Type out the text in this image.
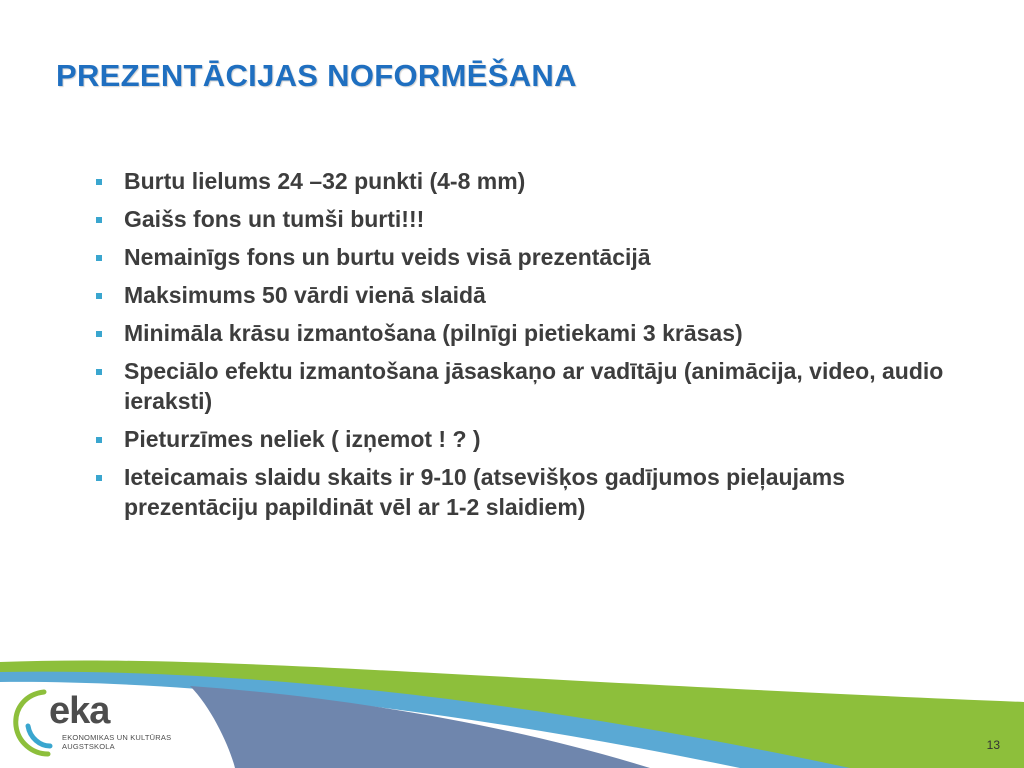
PREZENTĀCIJAS NOFORMĒŠANA
Burtu lielums 24 –32 punkti (4-8 mm)
Gaišs fons un tumši burti!!!
Nemainīgs fons un burtu veids visā prezentācijā
Maksimums 50 vārdi vienā slaidā
Minimāla krāsu izmantošana (pilnīgi pietiekami 3 krāsas)
Speciālo efektu izmantošana jāsaskaņo ar vadītāju (animācija, video, audio ieraksti)
Pieturzīmes neliek ( izņemot ! ? )
Ieteicamais slaidu skaits ir 9-10 (atsevišķos gadījumos pieļaujams prezentāciju papildināt vēl ar 1-2 slaidiem)
eka
EKONOMIKAS UN KULTŪRAS
AUGSTSKOLA	13
